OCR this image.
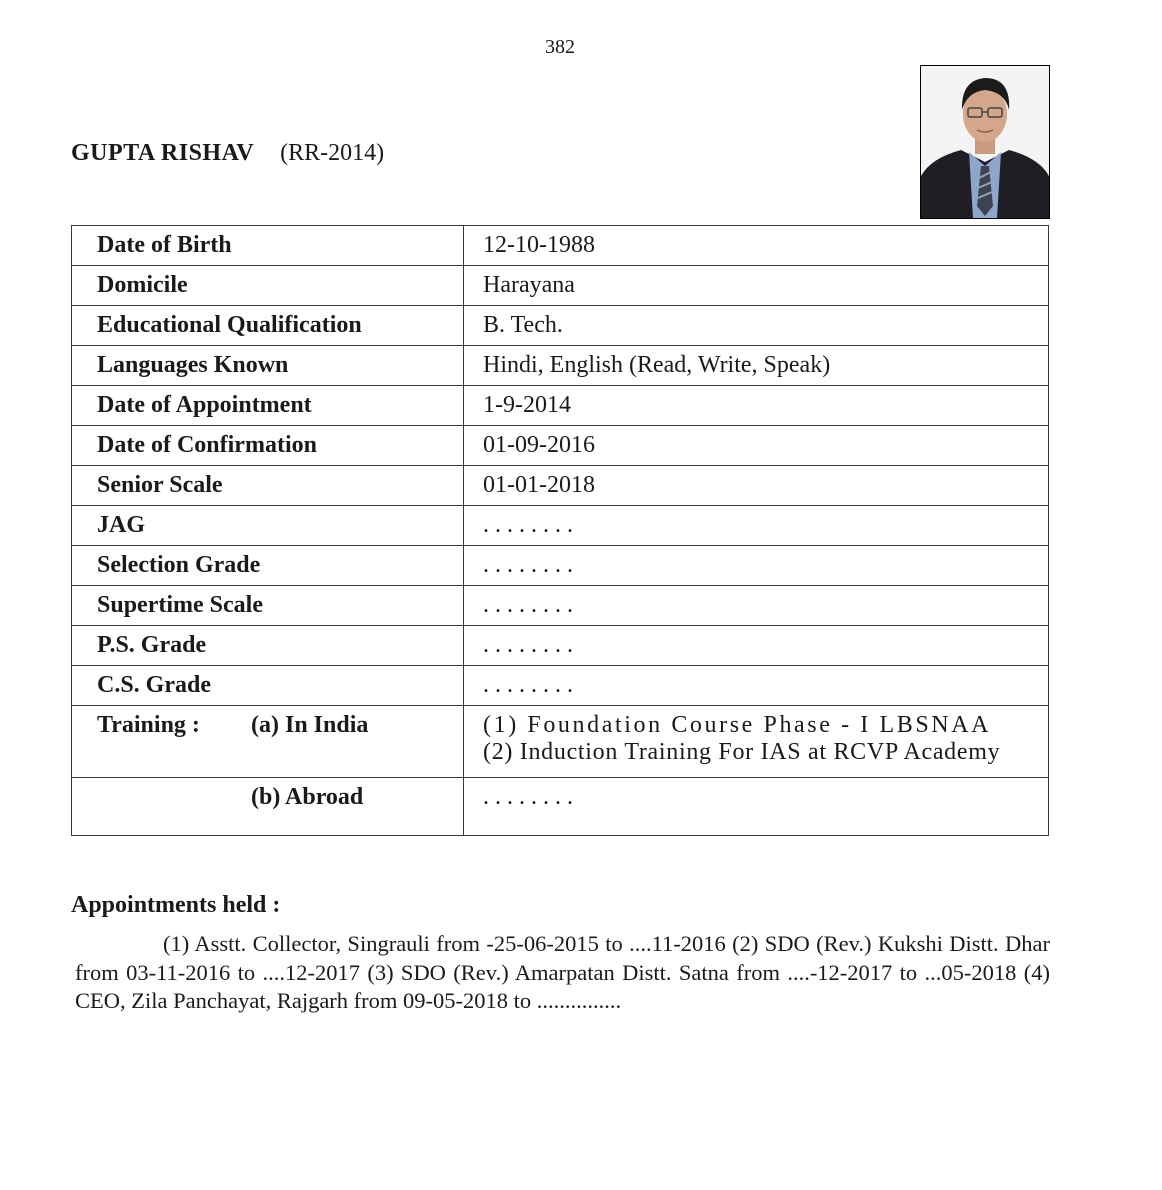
382
GUPTA RISHAV (RR-2014)
Date of Birth	12-10-1988
Domicile	Harayana
Educational Qualification	B. Tech.
Languages Known	Hindi, English (Read, Write, Speak)
Date of Appointment	1-9-2014
Date of Confirmation	01-09-2016
Senior Scale	01-01-2018
JAG	........
Selection Grade	........
Supertime Scale	........
P.S. Grade	........
C.S. Grade	........
Training : (a) In India	(1) Foundation Course Phase - I LBSNAA
(2) Induction Training For IAS at RCVP Academy

(b) Abroad	........
Appointments held :
(1) Asstt. Collector, Singrauli from -25-06-2015 to ....11-2016 (2) SDO (Rev.) Kukshi Distt. Dhar from 03-11-2016 to ....12-2017 (3) SDO (Rev.) Amarpatan Distt. Satna from ....-12-2017 to ...05-2018 (4) CEO, Zila Panchayat, Rajgarh from 09-05-2018 to ...............
